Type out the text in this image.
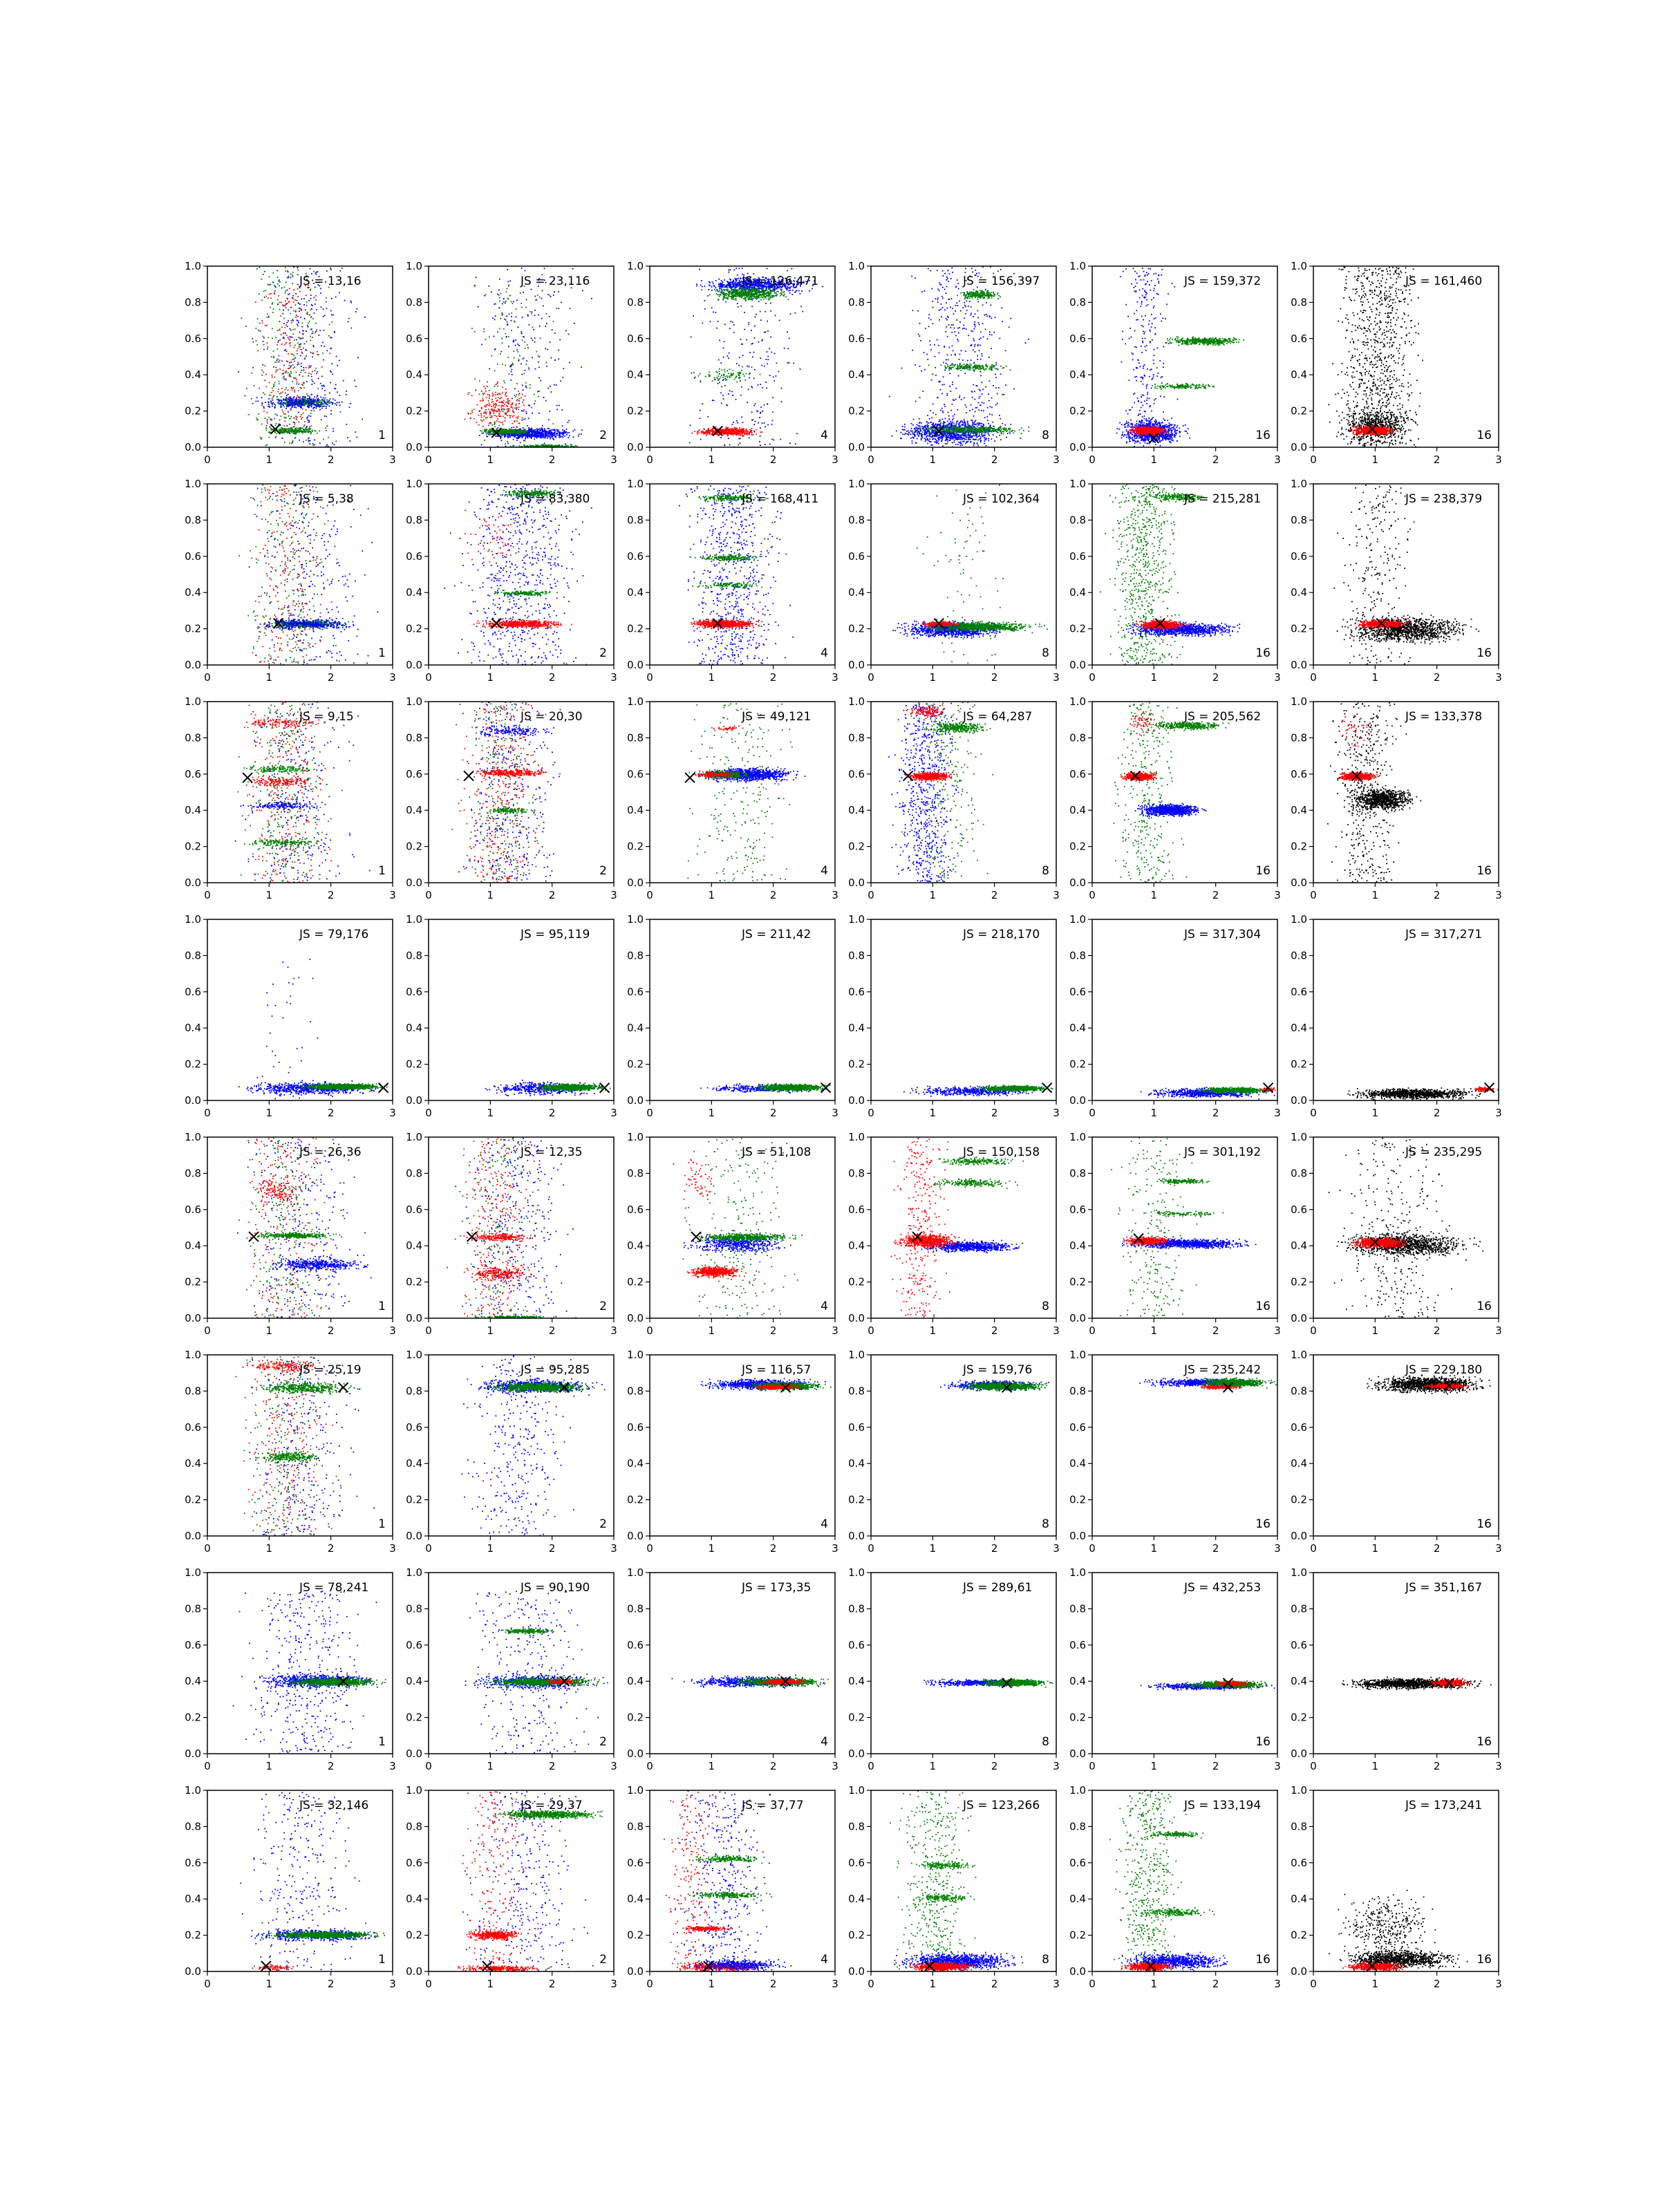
0	1	2	3
0.0
0.2
0.4
0.6
0.8
1.0
JS = 13,16
1
0	1	2	3
0.0
0.2
0.4
0.6
0.8
1.0
JS = 23,116
2
0	1	2	3
0.0
0.2
0.4
0.6
0.8
1.0
JS = 126,471
4
0	1	2	3
0.0
0.2
0.4
0.6
0.8
1.0
JS = 156,397
8
0	1	2	3
0.0
0.2
0.4
0.6
0.8
1.0
JS = 159,372
16
0	1	2	3
0.0
0.2
0.4
0.6
0.8
1.0
JS = 161,460
16
0	1	2	3
0.0
0.2
0.4
0.6
0.8
1.0
JS = 5,38
1
0	1	2	3
0.0
0.2
0.4
0.6
0.8
1.0
JS = 83,380
2
0	1	2	3
0.0
0.2
0.4
0.6
0.8
1.0
JS = 168,411
4
0	1	2	3
0.0
0.2
0.4
0.6
0.8
1.0
JS = 102,364
8
0	1	2	3
0.0
0.2
0.4
0.6
0.8
1.0
JS = 215,281
16
0	1	2	3
0.0
0.2
0.4
0.6
0.8
1.0
JS = 238,379
16
0	1	2	3
0.0
0.2
0.4
0.6
0.8
1.0
JS = 9,15
1
0	1	2	3
0.0
0.2
0.4
0.6
0.8
1.0
JS = 20,30
2
0	1	2	3
0.0
0.2
0.4
0.6
0.8
1.0
JS = 49,121
4
0	1	2	3
0.0
0.2
0.4
0.6
0.8
1.0
JS = 64,287
8
0	1	2	3
0.0
0.2
0.4
0.6
0.8
1.0
JS = 205,562
16
0	1	2	3
0.0
0.2
0.4
0.6
0.8
1.0
JS = 133,378
16
0	1	2	3
0.0
0.2
0.4
0.6
0.8
1.0
JS = 79,176
0	1	2	3
0.0
0.2
0.4
0.6
0.8
1.0
JS = 95,119
0	1	2	3
0.0
0.2
0.4
0.6
0.8
1.0
JS = 211,42
0	1	2	3
0.0
0.2
0.4
0.6
0.8
1.0
JS = 218,170
0	1	2	3
0.0
0.2
0.4
0.6
0.8
1.0
JS = 317,304
0	1	2	3
0.0
0.2
0.4
0.6
0.8
1.0
JS = 317,271
0	1	2	3
0.0
0.2
0.4
0.6
0.8
1.0
JS = 26,36
1
0	1	2	3
0.0
0.2
0.4
0.6
0.8
1.0
JS = 12,35
2
0	1	2	3
0.0
0.2
0.4
0.6
0.8
1.0
JS = 51,108
4
0	1	2	3
0.0
0.2
0.4
0.6
0.8
1.0
JS = 150,158
8
0	1	2	3
0.0
0.2
0.4
0.6
0.8
1.0
JS = 301,192
16
0	1	2	3
0.0
0.2
0.4
0.6
0.8
1.0
JS = 235,295
16
0	1	2	3
0.0
0.2
0.4
0.6
0.8
1.0
JS = 25,19
1
0	1	2	3
0.0
0.2
0.4
0.6
0.8
1.0
JS = 95,285
2
0	1	2	3
0.0
0.2
0.4
0.6
0.8
1.0
JS = 116,57
4
0	1	2	3
0.0
0.2
0.4
0.6
0.8
1.0
JS = 159,76
8
0	1	2	3
0.0
0.2
0.4
0.6
0.8
1.0
JS = 235,242
16
0	1	2	3
0.0
0.2
0.4
0.6
0.8
1.0
JS = 229,180
16
0	1	2	3
0.0
0.2
0.4
0.6
0.8
1.0
JS = 78,241
1
0	1	2	3
0.0
0.2
0.4
0.6
0.8
1.0
JS = 90,190
2
0	1	2	3
0.0
0.2
0.4
0.6
0.8
1.0
JS = 173,35
4
0	1	2	3
0.0
0.2
0.4
0.6
0.8
1.0
JS = 289,61
8
0	1	2	3
0.0
0.2
0.4
0.6
0.8
1.0
JS = 432,253
16
0	1	2	3
0.0
0.2
0.4
0.6
0.8
1.0
JS = 351,167
16
0	1	2	3
0.0
0.2
0.4
0.6
0.8
1.0
JS = 32,146
1
0	1	2	3
0.0
0.2
0.4
0.6
0.8
1.0
JS = 29,37
2
0	1	2	3
0.0
0.2
0.4
0.6
0.8
1.0
JS = 37,77
4
0	1	2	3
0.0
0.2
0.4
0.6
0.8
1.0
JS = 123,266
8
0	1	2	3
0.0
0.2
0.4
0.6
0.8
1.0
JS = 133,194
16
0	1	2	3
0.0
0.2
0.4
0.6
0.8
1.0
JS = 173,241
16
